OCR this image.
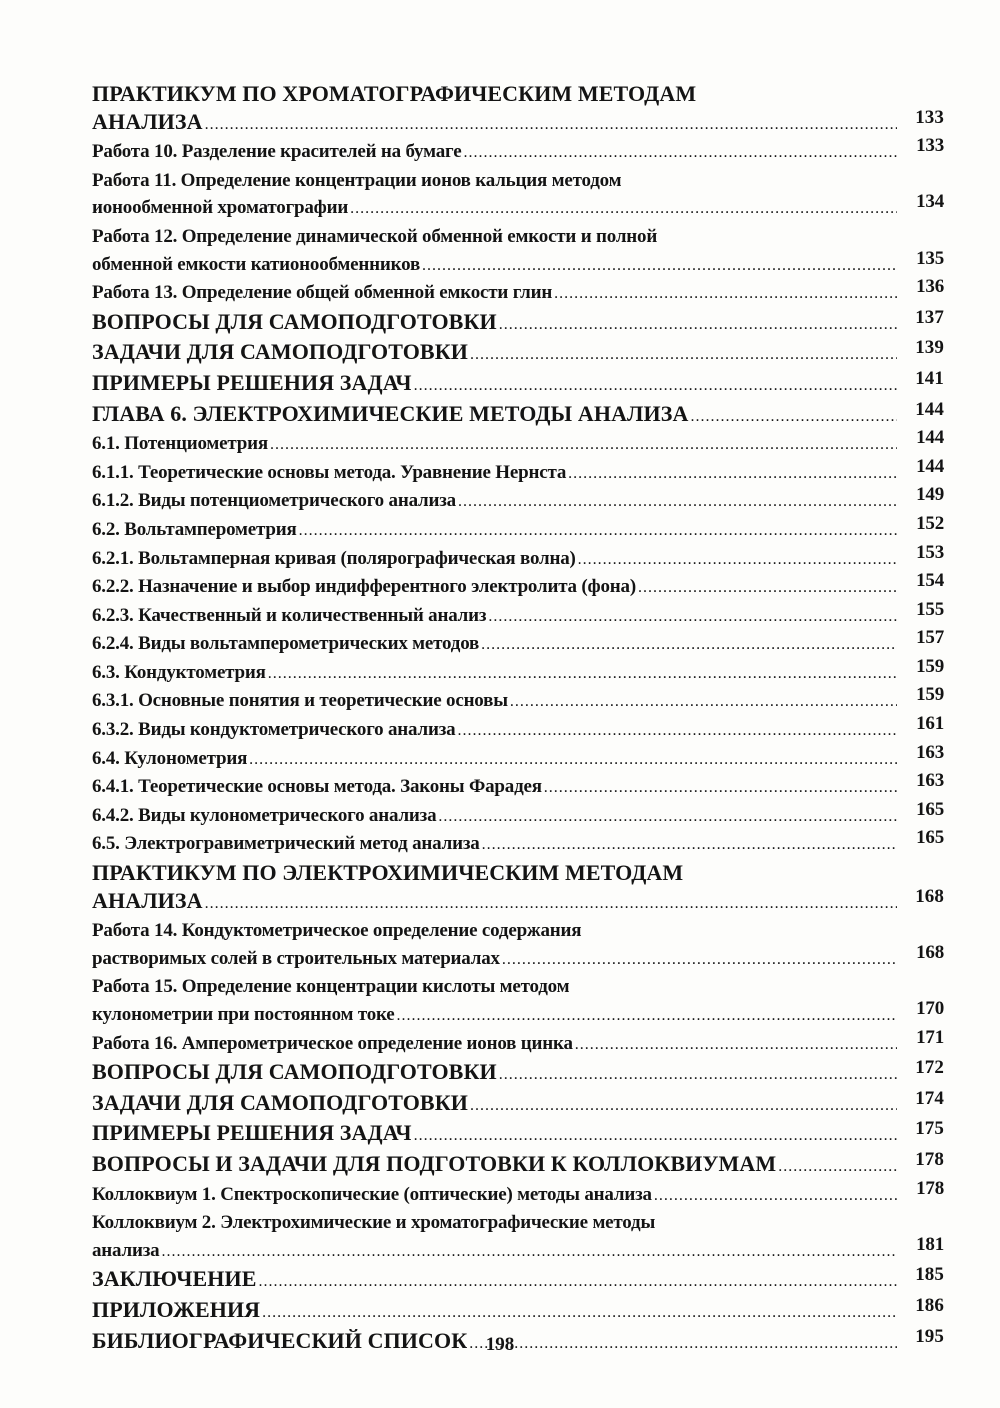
ПРАКТИКУМ ПО ХРОМАТОГРАФИЧЕСКИМ МЕТОДАМ
АНАЛИЗА .....	133
Работа 10. Разделение красителей на бумаге .....	133
Работа 11. Определение концентрации ионов кальция методом
ионообменной хроматографии .....	134
Работа 12. Определение динамической обменной емкости и полной
обменной емкости катионообменников .....	135
Работа 13. Определение общей обменной емкости глин .....	136
ВОПРОСЫ ДЛЯ САМОПОДГОТОВКИ .....	137
ЗАДАЧИ ДЛЯ САМОПОДГОТОВКИ .....	139
ПРИМЕРЫ РЕШЕНИЯ ЗАДАЧ .....	141
ГЛАВА 6. ЭЛЕКТРОХИМИЧЕСКИЕ МЕТОДЫ АНАЛИЗА .....	144
6.1. Потенциометрия .....	144
6.1.1. Теоретические основы метода. Уравнение Нернста .....	144
6.1.2. Виды потенциометрического анализа .....	149
6.2. Вольтамперометрия .....	152
6.2.1. Вольтамперная кривая (полярографическая волна) .....	153
6.2.2. Назначение и выбор индифферентного электролита (фона) .....	154
6.2.3. Качественный и количественный анализ .....	155
6.2.4. Виды вольтамперометрических методов .....	157
6.3. Кондуктометрия .....	159
6.3.1. Основные понятия и теоретические основы .....	159
6.3.2. Виды кондуктометрического анализа .....	161
6.4. Кулонометрия .....	163
6.4.1. Теоретические основы метода. Законы Фарадея .....	163
6.4.2. Виды кулонометрического анализа .....	165
6.5. Электрогравиметрический метод анализа .....	165
ПРАКТИКУМ ПО ЭЛЕКТРОХИМИЧЕСКИМ МЕТОДАМ
АНАЛИЗА .....	168
Работа 14. Кондуктометрическое определение содержания
растворимых солей в строительных материалах .....	168
Работа 15. Определение концентрации кислоты методом
кулонометрии при постоянном токе .....	170
Работа 16. Амперометрическое определение ионов цинка .....	171
ВОПРОСЫ ДЛЯ САМОПОДГОТОВКИ .....	172
ЗАДАЧИ ДЛЯ САМОПОДГОТОВКИ .....	174
ПРИМЕРЫ РЕШЕНИЯ ЗАДАЧ .....	175
ВОПРОСЫ И ЗАДАЧИ ДЛЯ ПОДГОТОВКИ К КОЛЛОКВИУМАМ .....	178
Коллоквиум 1. Спектроскопические (оптические) методы анализа .....	178
Коллоквиум 2. Электрохимические и хроматографические методы
анализа .....	181
ЗАКЛЮЧЕНИЕ .....	185
ПРИЛОЖЕНИЯ .....	186
БИБЛИОГРАФИЧЕСКИЙ СПИСОК .....	195
198
